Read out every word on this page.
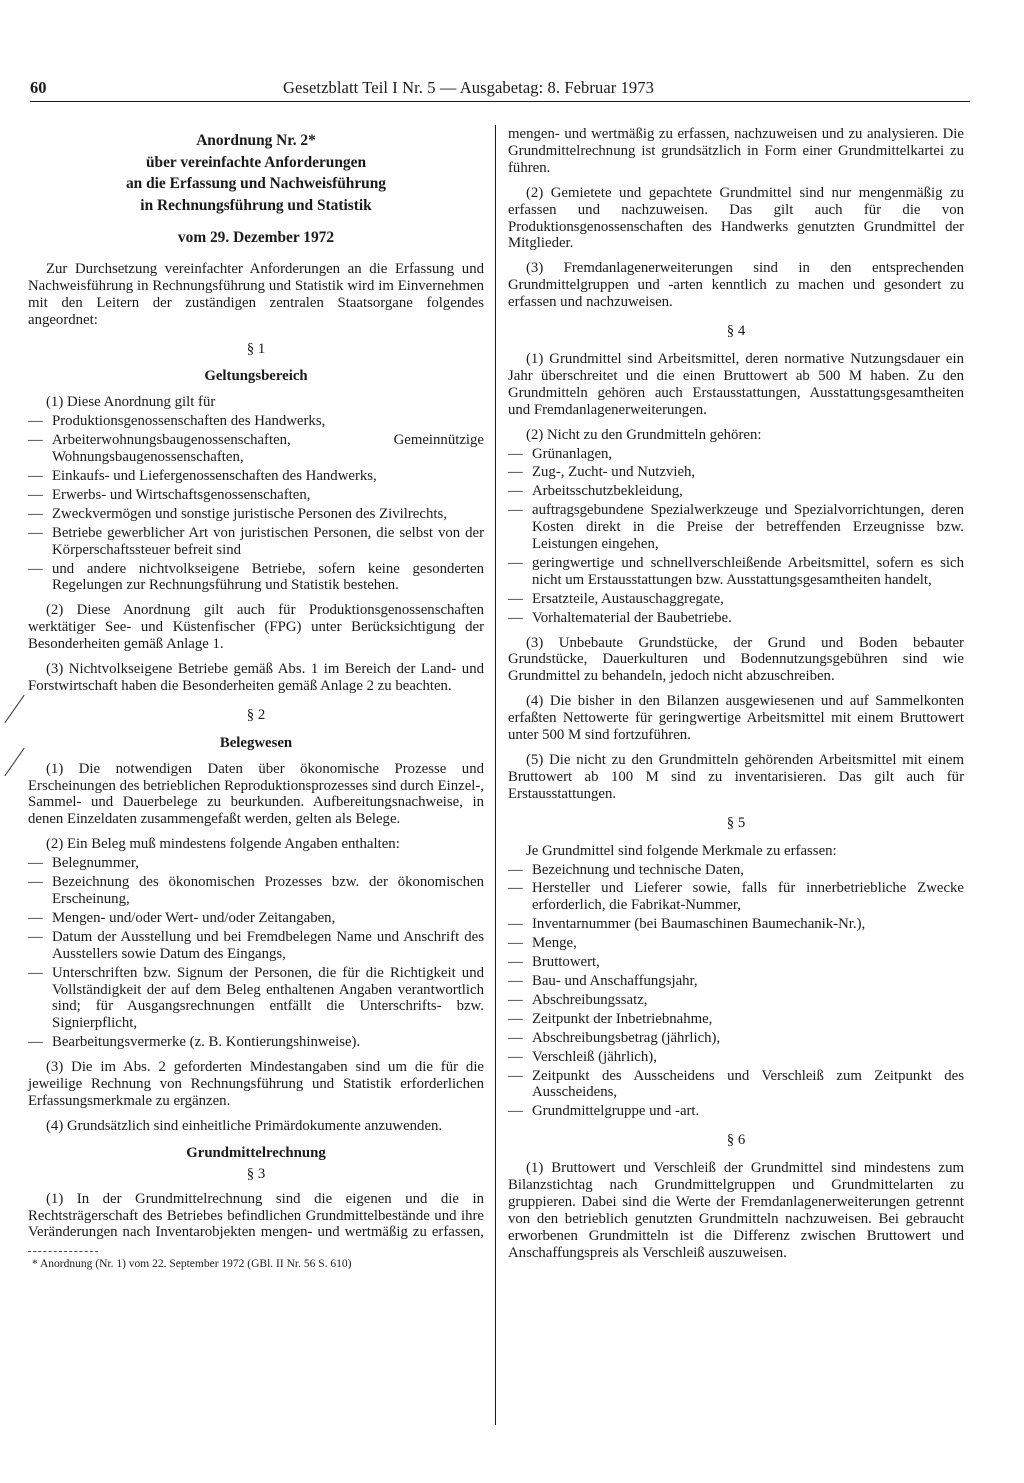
60	Gesetzblatt Teil I Nr. 5 — Ausgabetag: 8. Februar 1973
Anordnung Nr. 2*
über vereinfachte Anforderungen
an die Erfassung und Nachweisführung
in Rechnungsführung und Statistik
vom 29. Dezember 1972

Zur Durchsetzung vereinfachter Anforderungen an die Erfassung und Nachweisführung in Rechnungsführung und Statistik wird im Einvernehmen mit den Leitern der zuständigen zentralen Staatsorgane folgendes angeordnet:

§ 1
Geltungsbereich

(1) Diese Anordnung gilt für

— Produktionsgenossenschaften des Handwerks,
— Arbeiterwohnungsbaugenossenschaften, Gemeinnützige Wohnungsbaugenossenschaften,
— Einkaufs- und Liefergenossenschaften des Handwerks,
— Erwerbs- und Wirtschaftsgenossenschaften,
— Zweckvermögen und sonstige juristische Personen des Zivilrechts,
— Betriebe gewerblicher Art von juristischen Personen, die selbst von der Körperschaftssteuer befreit sind
— und andere nichtvolkseigene Betriebe, sofern keine gesonderten Regelungen zur Rechnungsführung und Statistik bestehen.

(2) Diese Anordnung gilt auch für Produktionsgenossenschaften werktätiger See- und Küstenfischer (FPG) unter Berücksichtigung der Besonderheiten gemäß Anlage 1.

(3) Nichtvolkseigene Betriebe gemäß Abs. 1 im Bereich der Land- und Forstwirtschaft haben die Besonderheiten gemäß Anlage 2 zu beachten.

§ 2
Belegwesen

(1) Die notwendigen Daten über ökonomische Prozesse und Erscheinungen des betrieblichen Reproduktionsprozesses sind durch Einzel-, Sammel- und Dauerbelege zu beurkunden. Aufbereitungsnachweise, in denen Einzeldaten zusammengefaßt werden, gelten als Belege.

(2) Ein Beleg muß mindestens folgende Angaben enthalten:

— Belegnummer,
— Bezeichnung des ökonomischen Prozesses bzw. der ökonomischen Erscheinung,
— Mengen- und/oder Wert- und/oder Zeitangaben,
— Datum der Ausstellung und bei Fremdbelegen Name und Anschrift des Ausstellers sowie Datum des Eingangs,
— Unterschriften bzw. Signum der Personen, die für die Richtigkeit und Vollständigkeit der auf dem Beleg enthaltenen Angaben verantwortlich sind; für Ausgangsrechnungen entfällt die Unterschrifts- bzw. Signierpflicht,
— Bearbeitungsvermerke (z. B. Kontierungshinweise).

(3) Die im Abs. 2 geforderten Mindestangaben sind um die für die jeweilige Rechnung von Rechnungsführung und Statistik erforderlichen Erfassungsmerkmale zu ergänzen.

(4) Grundsätzlich sind einheitliche Primärdokumente anzuwenden.

Grundmittelrechnung
§ 3

(1) In der Grundmittelrechnung sind die eigenen und die in Rechtsträgerschaft des Betriebes befindlichen Grundmittelbestände und ihre Veränderungen nach Inventarobjekten mengen- und wertmäßig zu erfassen,

* Anordnung (Nr. 1) vom 22. September 1972 (GBl. II Nr. 56 S. 610)

mengen- und wertmäßig zu erfassen, nachzuweisen und zu analysieren. Die Grundmittelrechnung ist grundsätzlich in Form einer Grundmittelkartei zu führen.

(2) Gemietete und gepachtete Grundmittel sind nur mengenmäßig zu erfassen und nachzuweisen. Das gilt auch für die von Produktionsgenossenschaften des Handwerks genutzten Grundmittel der Mitglieder.

(3) Fremdanlagenerweiterungen sind in den entsprechenden Grundmittelgruppen und -arten kenntlich zu machen und gesondert zu erfassen und nachzuweisen.

§ 4

(1) Grundmittel sind Arbeitsmittel, deren normative Nutzungsdauer ein Jahr überschreitet und die einen Bruttowert ab 500 M haben. Zu den Grundmitteln gehören auch Erstausstattungen, Ausstattungsgesamtheiten und Fremdanlagenerweiterungen.

(2) Nicht zu den Grundmitteln gehören:

— Grünanlagen,
— Zug-, Zucht- und Nutzvieh,
— Arbeitsschutzbekleidung,
— auftragsgebundene Spezialwerkzeuge und Spezialvorrichtungen, deren Kosten direkt in die Preise der betreffenden Erzeugnisse bzw. Leistungen eingehen,
— geringwertige und schnellverschleißende Arbeitsmittel, sofern es sich nicht um Erstausstattungen bzw. Ausstattungsgesamtheiten handelt,
— Ersatzteile, Austauschaggregate,
— Vorhaltematerial der Baubetriebe.

(3) Unbebaute Grundstücke, der Grund und Boden bebauter Grundstücke, Dauerkulturen und Bodennutzungsgebühren sind wie Grundmittel zu behandeln, jedoch nicht abzuschreiben.

(4) Die bisher in den Bilanzen ausgewiesenen und auf Sammelkonten erfaßten Nettowerte für geringwertige Arbeitsmittel mit einem Bruttowert unter 500 M sind fortzuführen.

(5) Die nicht zu den Grundmitteln gehörenden Arbeitsmittel mit einem Bruttowert ab 100 M sind zu inventarisieren. Das gilt auch für Erstausstattungen.

§ 5

Je Grundmittel sind folgende Merkmale zu erfassen:

— Bezeichnung und technische Daten,
— Hersteller und Lieferer sowie, falls für innerbetriebliche Zwecke erforderlich, die Fabrikat-Nummer,
— Inventarnummer (bei Baumaschinen Baumechanik-Nr.),
— Menge,
— Bruttowert,
— Bau- und Anschaffungsjahr,
— Abschreibungssatz,
— Zeitpunkt der Inbetriebnahme,
— Abschreibungsbetrag (jährlich),
— Verschleiß (jährlich),
— Zeitpunkt des Ausscheidens und Verschleiß zum Zeitpunkt des Ausscheidens,
— Grundmittelgruppe und -art.
§ 6

(1) Bruttowert und Verschleiß der Grundmittel sind mindestens zum Bilanzstichtag nach Grundmittelgruppen und Grundmittelarten zu gruppieren. Dabei sind die Werte der Fremdanlagenerweiterungen getrennt von den betrieblich genutzten Grundmitteln nachzuweisen. Bei gebraucht erworbenen Grundmitteln ist die Differenz zwischen Bruttowert und Anschaffungspreis als Verschleiß auszuweisen.
